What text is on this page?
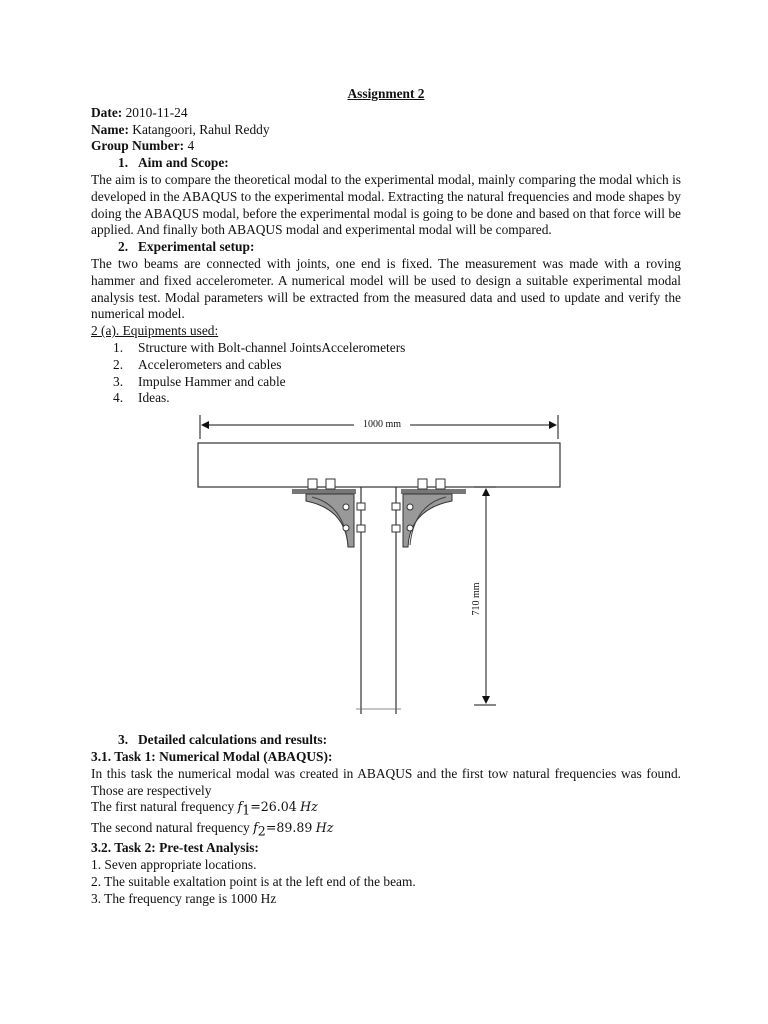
Assignment 2
Date: 2010-11-24
Name: Katangoori, Rahul Reddy
Group Number: 4
1. Aim and Scope:
The aim is to compare the theoretical modal to the experimental modal, mainly comparing the modal which is developed in the ABAQUS to the experimental modal. Extracting the natural frequencies and mode shapes by doing the ABAQUS modal, before the experimental modal is going to be done and based on that force will be applied. And finally both ABAQUS modal and experimental modal will be compared.
2. Experimental setup:
The two beams are connected with joints, one end is fixed. The measurement was made with a roving hammer and fixed accelerometer. A numerical model will be used to design a suitable experimental modal analysis test. Modal parameters will be extracted from the measured data and used to update and verify the numerical model.
2 (a). Equipments used:
1. Structure with Bolt-channel JointsAccelerometers
2. Accelerometers and cables
3. Impulse Hammer and cable
4. Ideas.
1000 mm
710 mm
3. Detailed calculations and results:
3.1. Task 1: Numerical Modal (ABAQUS):
In this task the numerical modal was created in ABAQUS and the first tow natural frequencies was found. Those are respectively
The first natural frequency $f_1=26.04$ Hz
The second natural frequency $f_2=89.89$ Hz
3.2. Task 2: Pre-test Analysis:
1. Seven appropriate locations.
2. The suitable exaltation point is at the left end of the beam.
3. The frequency range is 1000 Hz
